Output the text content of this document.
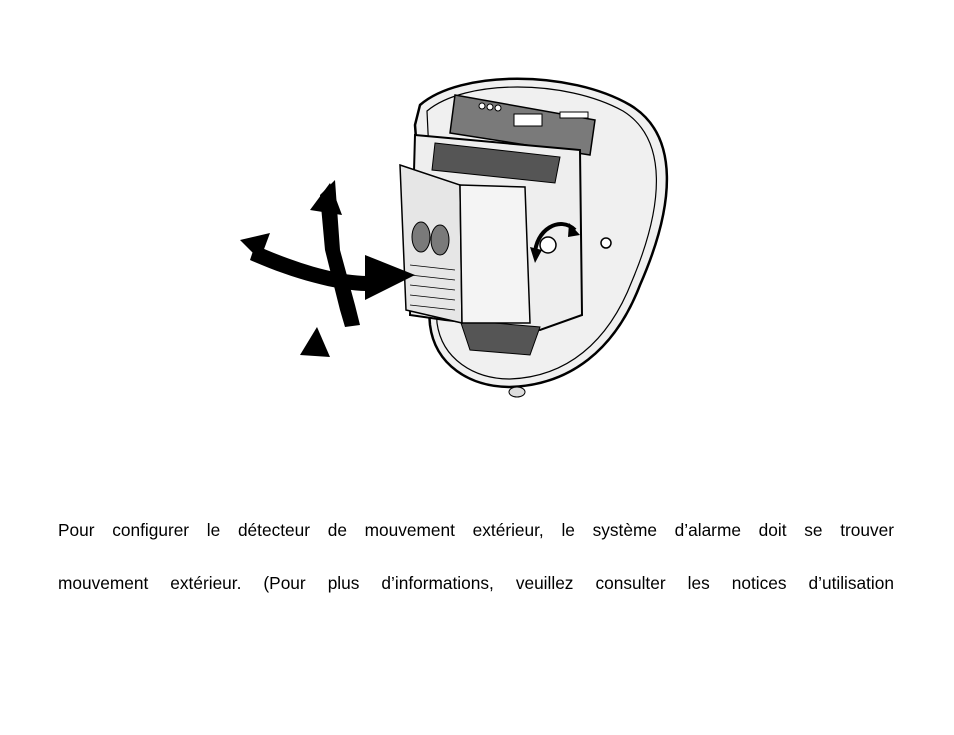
Pour configurer le détecteur de mouvement extérieur, le système d’alarme doit se trouver
mouvement extérieur. (Pour plus d’informations, veuillez consulter les notices d’utilisation
